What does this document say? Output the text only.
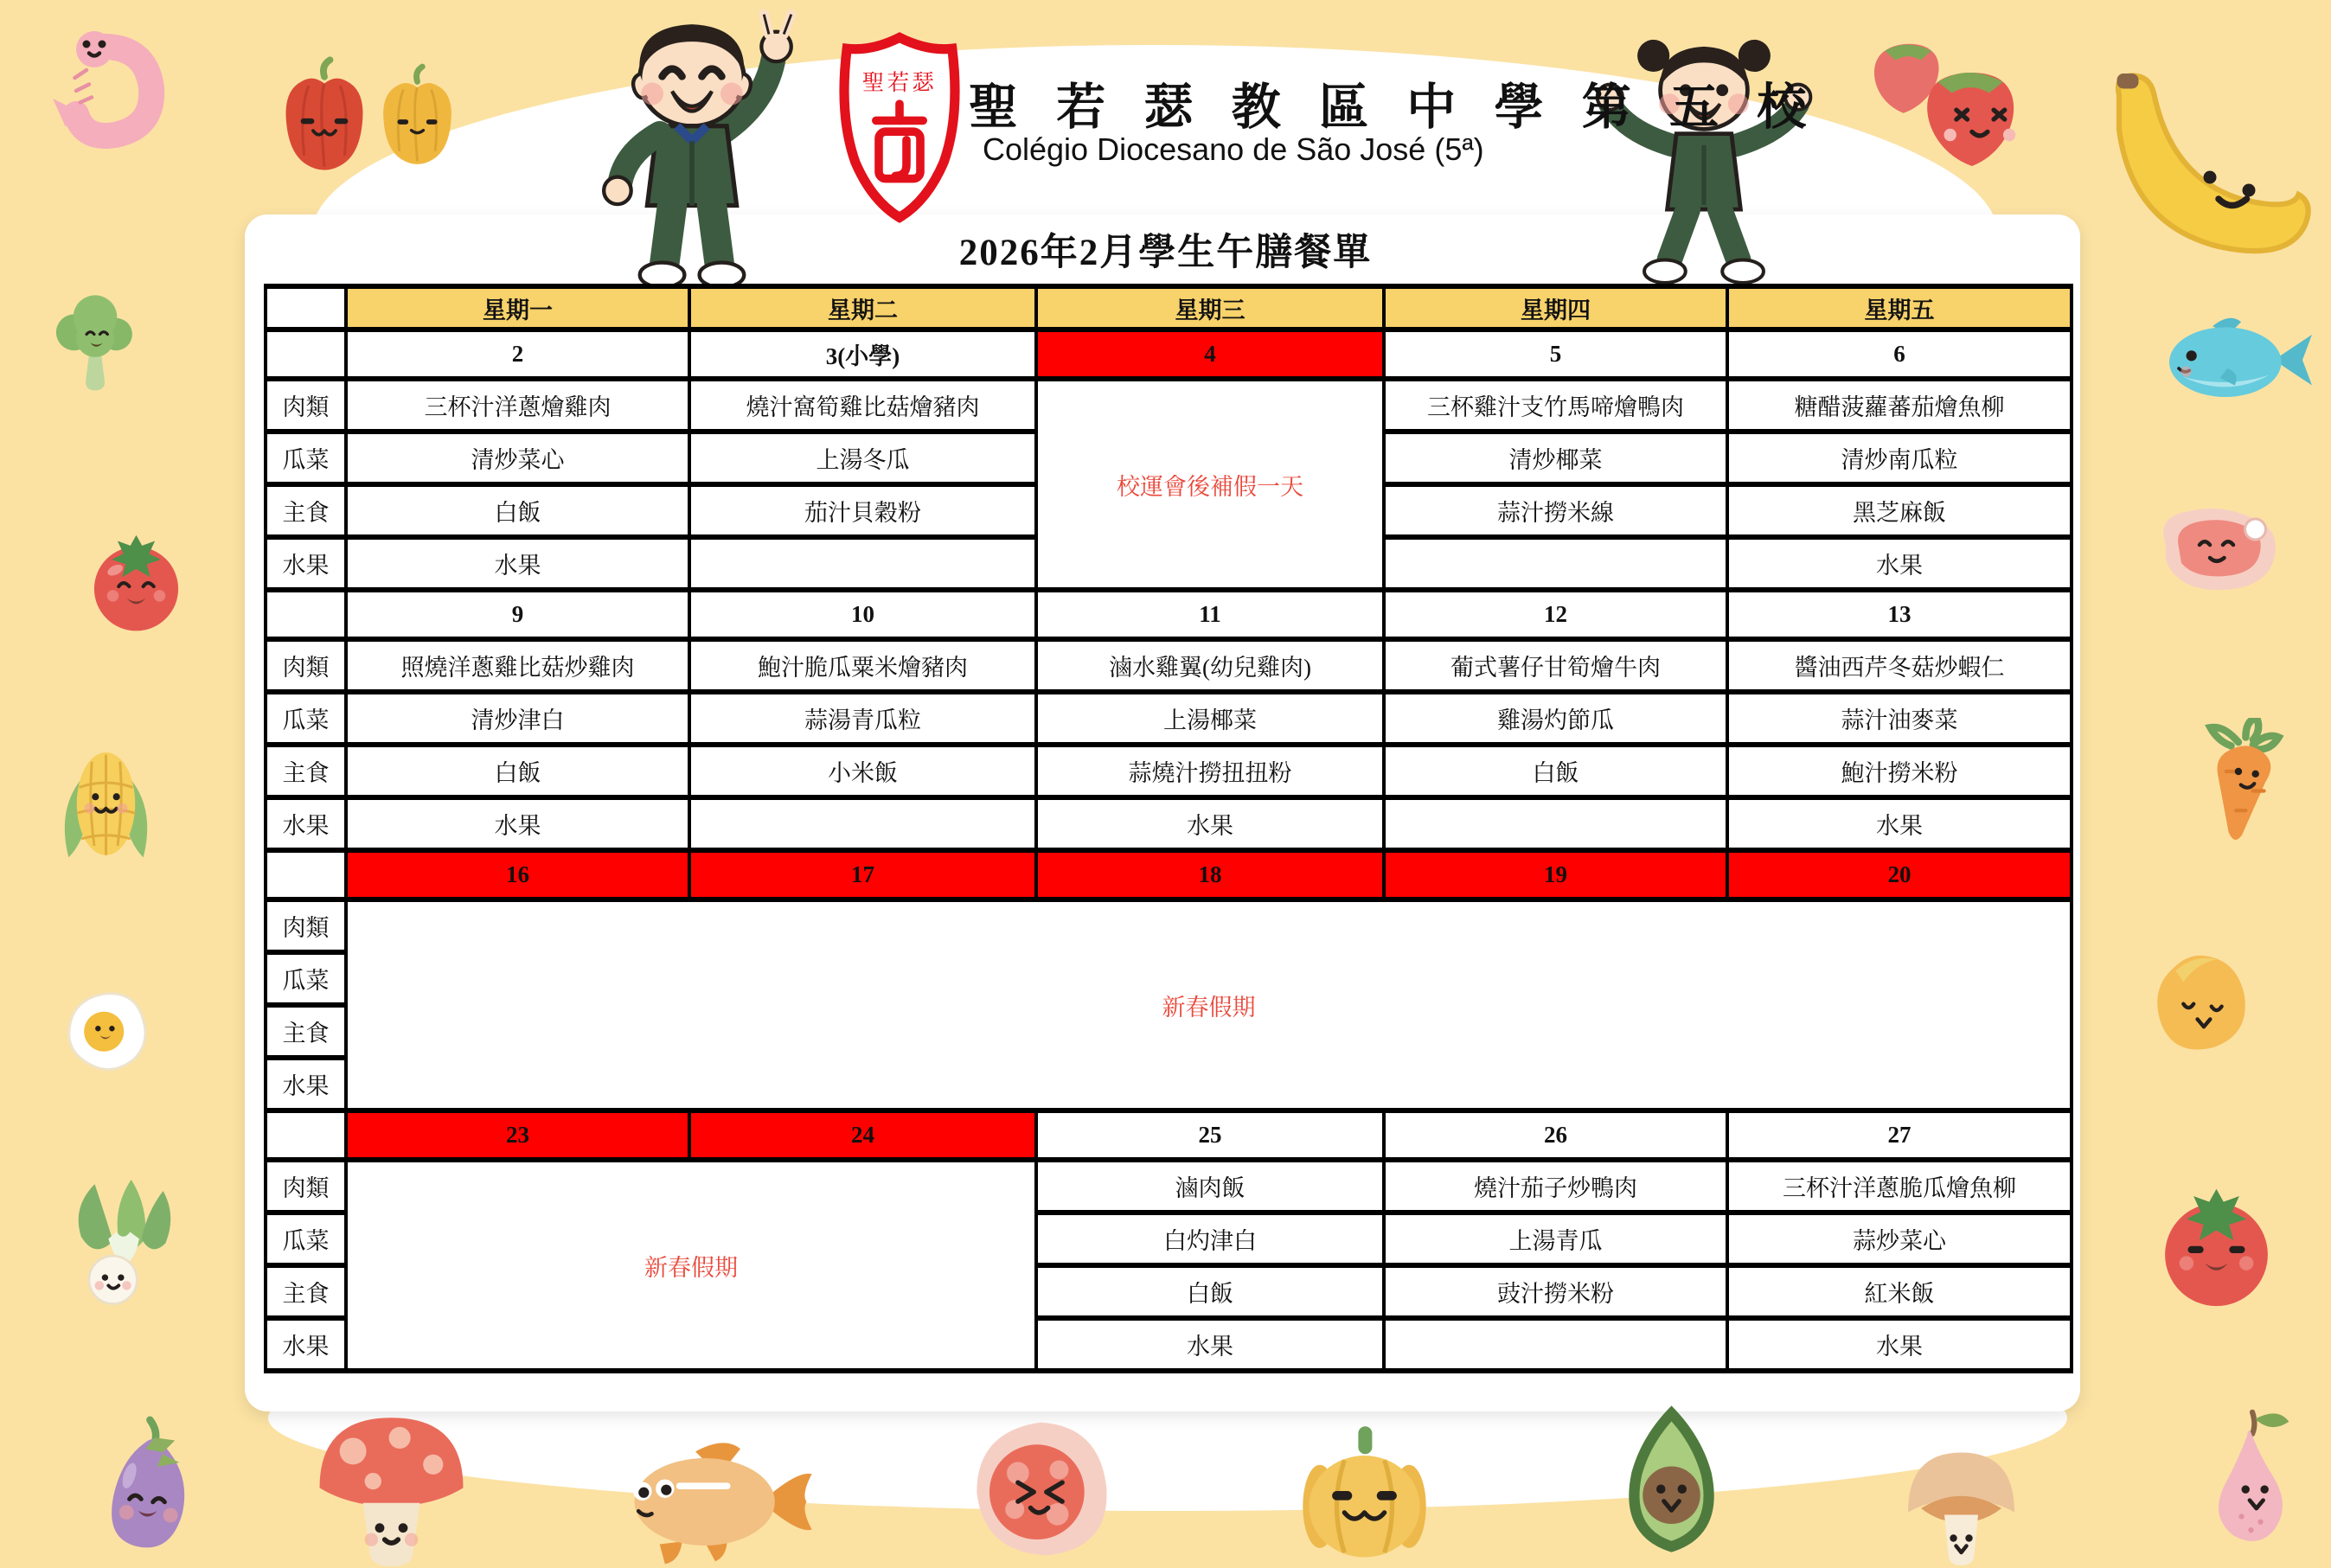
聖若瑟 聖 若 瑟 教 區 中 學 第 五 校
Colégio Diocesano de São José (5ª)
2026年2月學生午膳餐單
	星期一	星期二	星期三	星期四	星期五
	2	3(小學)	4	5	6
肉類	三杯汁洋蔥燴雞肉	燒汁窩筍雞比菇燴豬肉	校運會後補假一天	三杯雞汁支竹馬啼燴鴨肉	糖醋菠蘿蕃茄燴魚柳
瓜菜	清炒菜心	上湯冬瓜		清炒椰菜	清炒南瓜粒
主食	白飯	茄汁貝穀粉		蒜汁撈米線	黑芝麻飯
水果	水果				水果
	9	10	11	12	13
肉類	照燒洋蔥雞比菇炒雞肉	鮑汁脆瓜粟米燴豬肉	滷水雞翼(幼兒雞肉)	葡式薯仔甘筍燴牛肉	醬油西芹冬菇炒蝦仁
瓜菜	清炒津白	蒜湯青瓜粒	上湯椰菜	雞湯灼節瓜	蒜汁油麥菜
主食	白飯	小米飯	蒜燒汁撈扭扭粉	白飯	鮑汁撈米粉
水果	水果		水果		水果
	16	17	18	19	20
肉類	新春假期				
瓜菜					
主食					
水果					
	23	24	25	26	27
肉類	新春假期		滷肉飯	燒汁茄子炒鴨肉	三杯汁洋蔥脆瓜燴魚柳
瓜菜			白灼津白	上湯青瓜	蒜炒菜心
主食			白飯	豉汁撈米粉	紅米飯
水果			水果		水果
